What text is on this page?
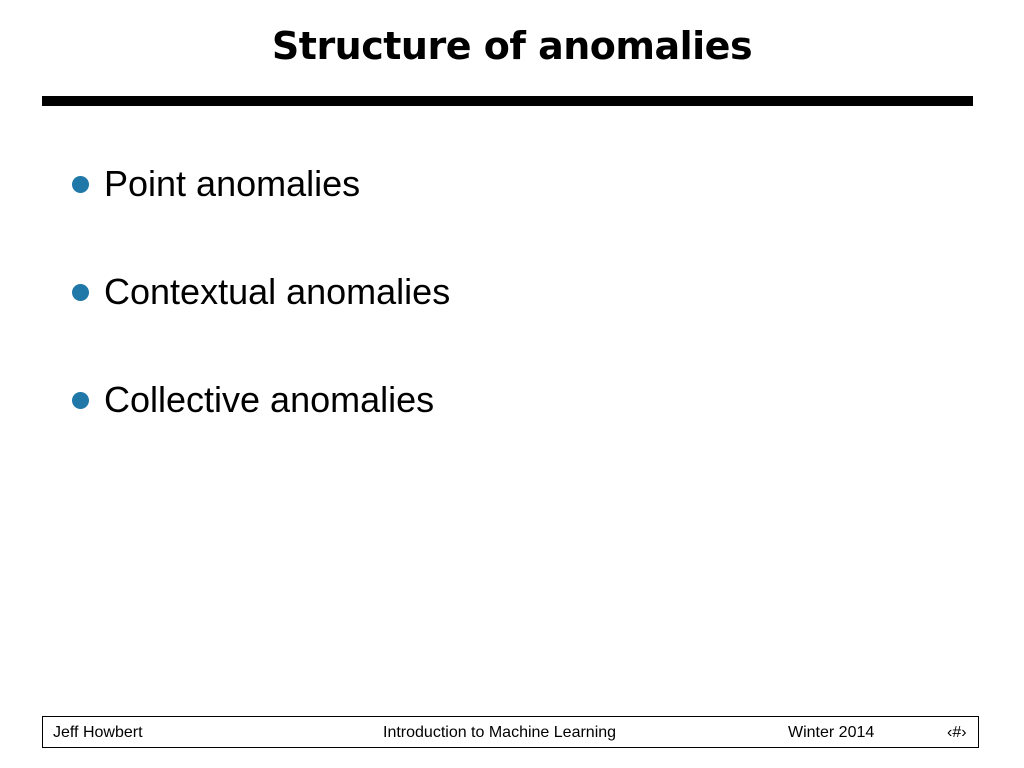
Structure of anomalies
Point anomalies
Contextual anomalies
Collective anomalies
Jeff Howbert	Introduction to Machine Learning	Winter 2014	‹#›
